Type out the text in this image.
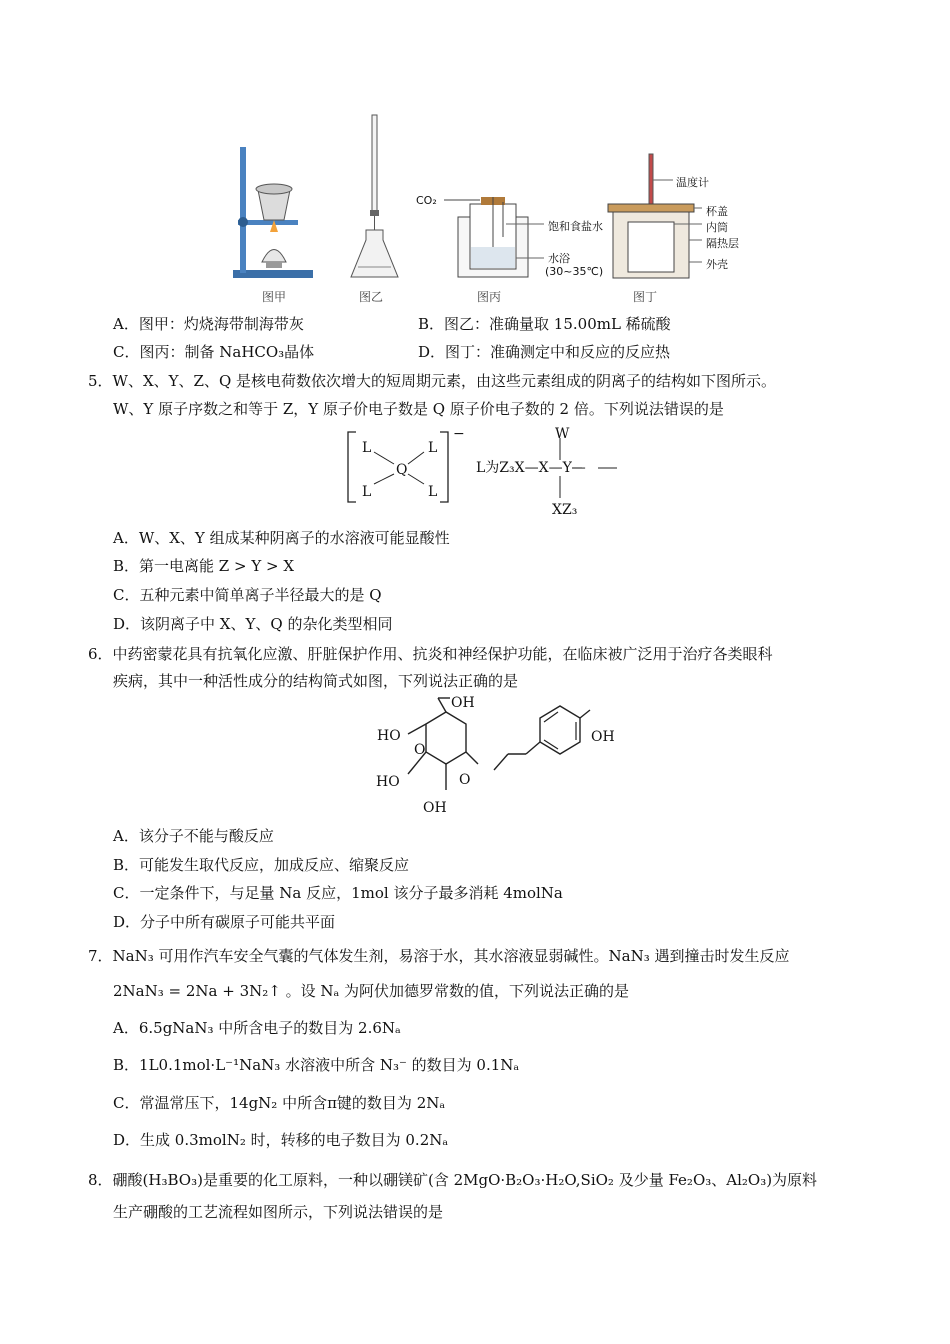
图甲	图乙	图丙	图丁
CO₂
饱和食盐水
水浴
(30~35℃)
温度计
杯盖
内筒
隔热层
外壳
A．图甲：灼烧海带制海带灰	B．图乙：准确量取 15.00mL 稀硫酸
C．图丙：制备 NaHCO₃晶体	D．图丁：准确测定中和反应的反应热
5．W、X、Y、Z、Q 是核电荷数依次增大的短周期元素，由这些元素组成的阴离子的结构如下图所示。
W、Y 原子序数之和等于 Z，Y 原子价电子数是 Q 原子价电子数的 2 倍。下列说法错误的是
L	L
Q
L	L
−	W
L为Z₃X—X—Y—
XZ₃
A．W、X、Y 组成某种阴离子的水溶液可能显酸性
B．第一电离能 Z > Y > X
C．五种元素中简单离子半径最大的是 Q
D．该阴离子中 X、Y、Q 的杂化类型相同
6．中药密蒙花具有抗氧化应激、肝脏保护作用、抗炎和神经保护功能，在临床被广泛用于治疗各类眼科
疾病，其中一种活性成分的结构简式如图，下列说法正确的是
OH
OH
HO
O
O
HO
OH
A．该分子不能与酸反应
B．可能发生取代反应，加成反应、缩聚反应
C．一定条件下，与足量 Na 反应，1mol 该分子最多消耗 4molNa
D．分子中所有碳原子可能共平面
7．NaN₃ 可用作汽车安全气囊的气体发生剂，易溶于水，其水溶液显弱碱性。NaN₃ 遇到撞击时发生反应
2NaN₃ = 2Na + 3N₂↑ 。设 Nₐ 为阿伏加德罗常数的值，下列说法正确的是
A．6.5gNaN₃ 中所含电子的数目为 2.6Nₐ
B．1L0.1mol·L⁻¹NaN₃ 水溶液中所含 N₃⁻ 的数目为 0.1Nₐ
C．常温常压下，14gN₂ 中所含π键的数目为 2Nₐ
D．生成 0.3molN₂ 时，转移的电子数目为 0.2Nₐ
8．硼酸(H₃BO₃)是重要的化工原料，一种以硼镁矿(含 2MgO·B₂O₃·H₂O,SiO₂ 及少量 Fe₂O₃、Al₂O₃)为原料
生产硼酸的工艺流程如图所示，下列说法错误的是
